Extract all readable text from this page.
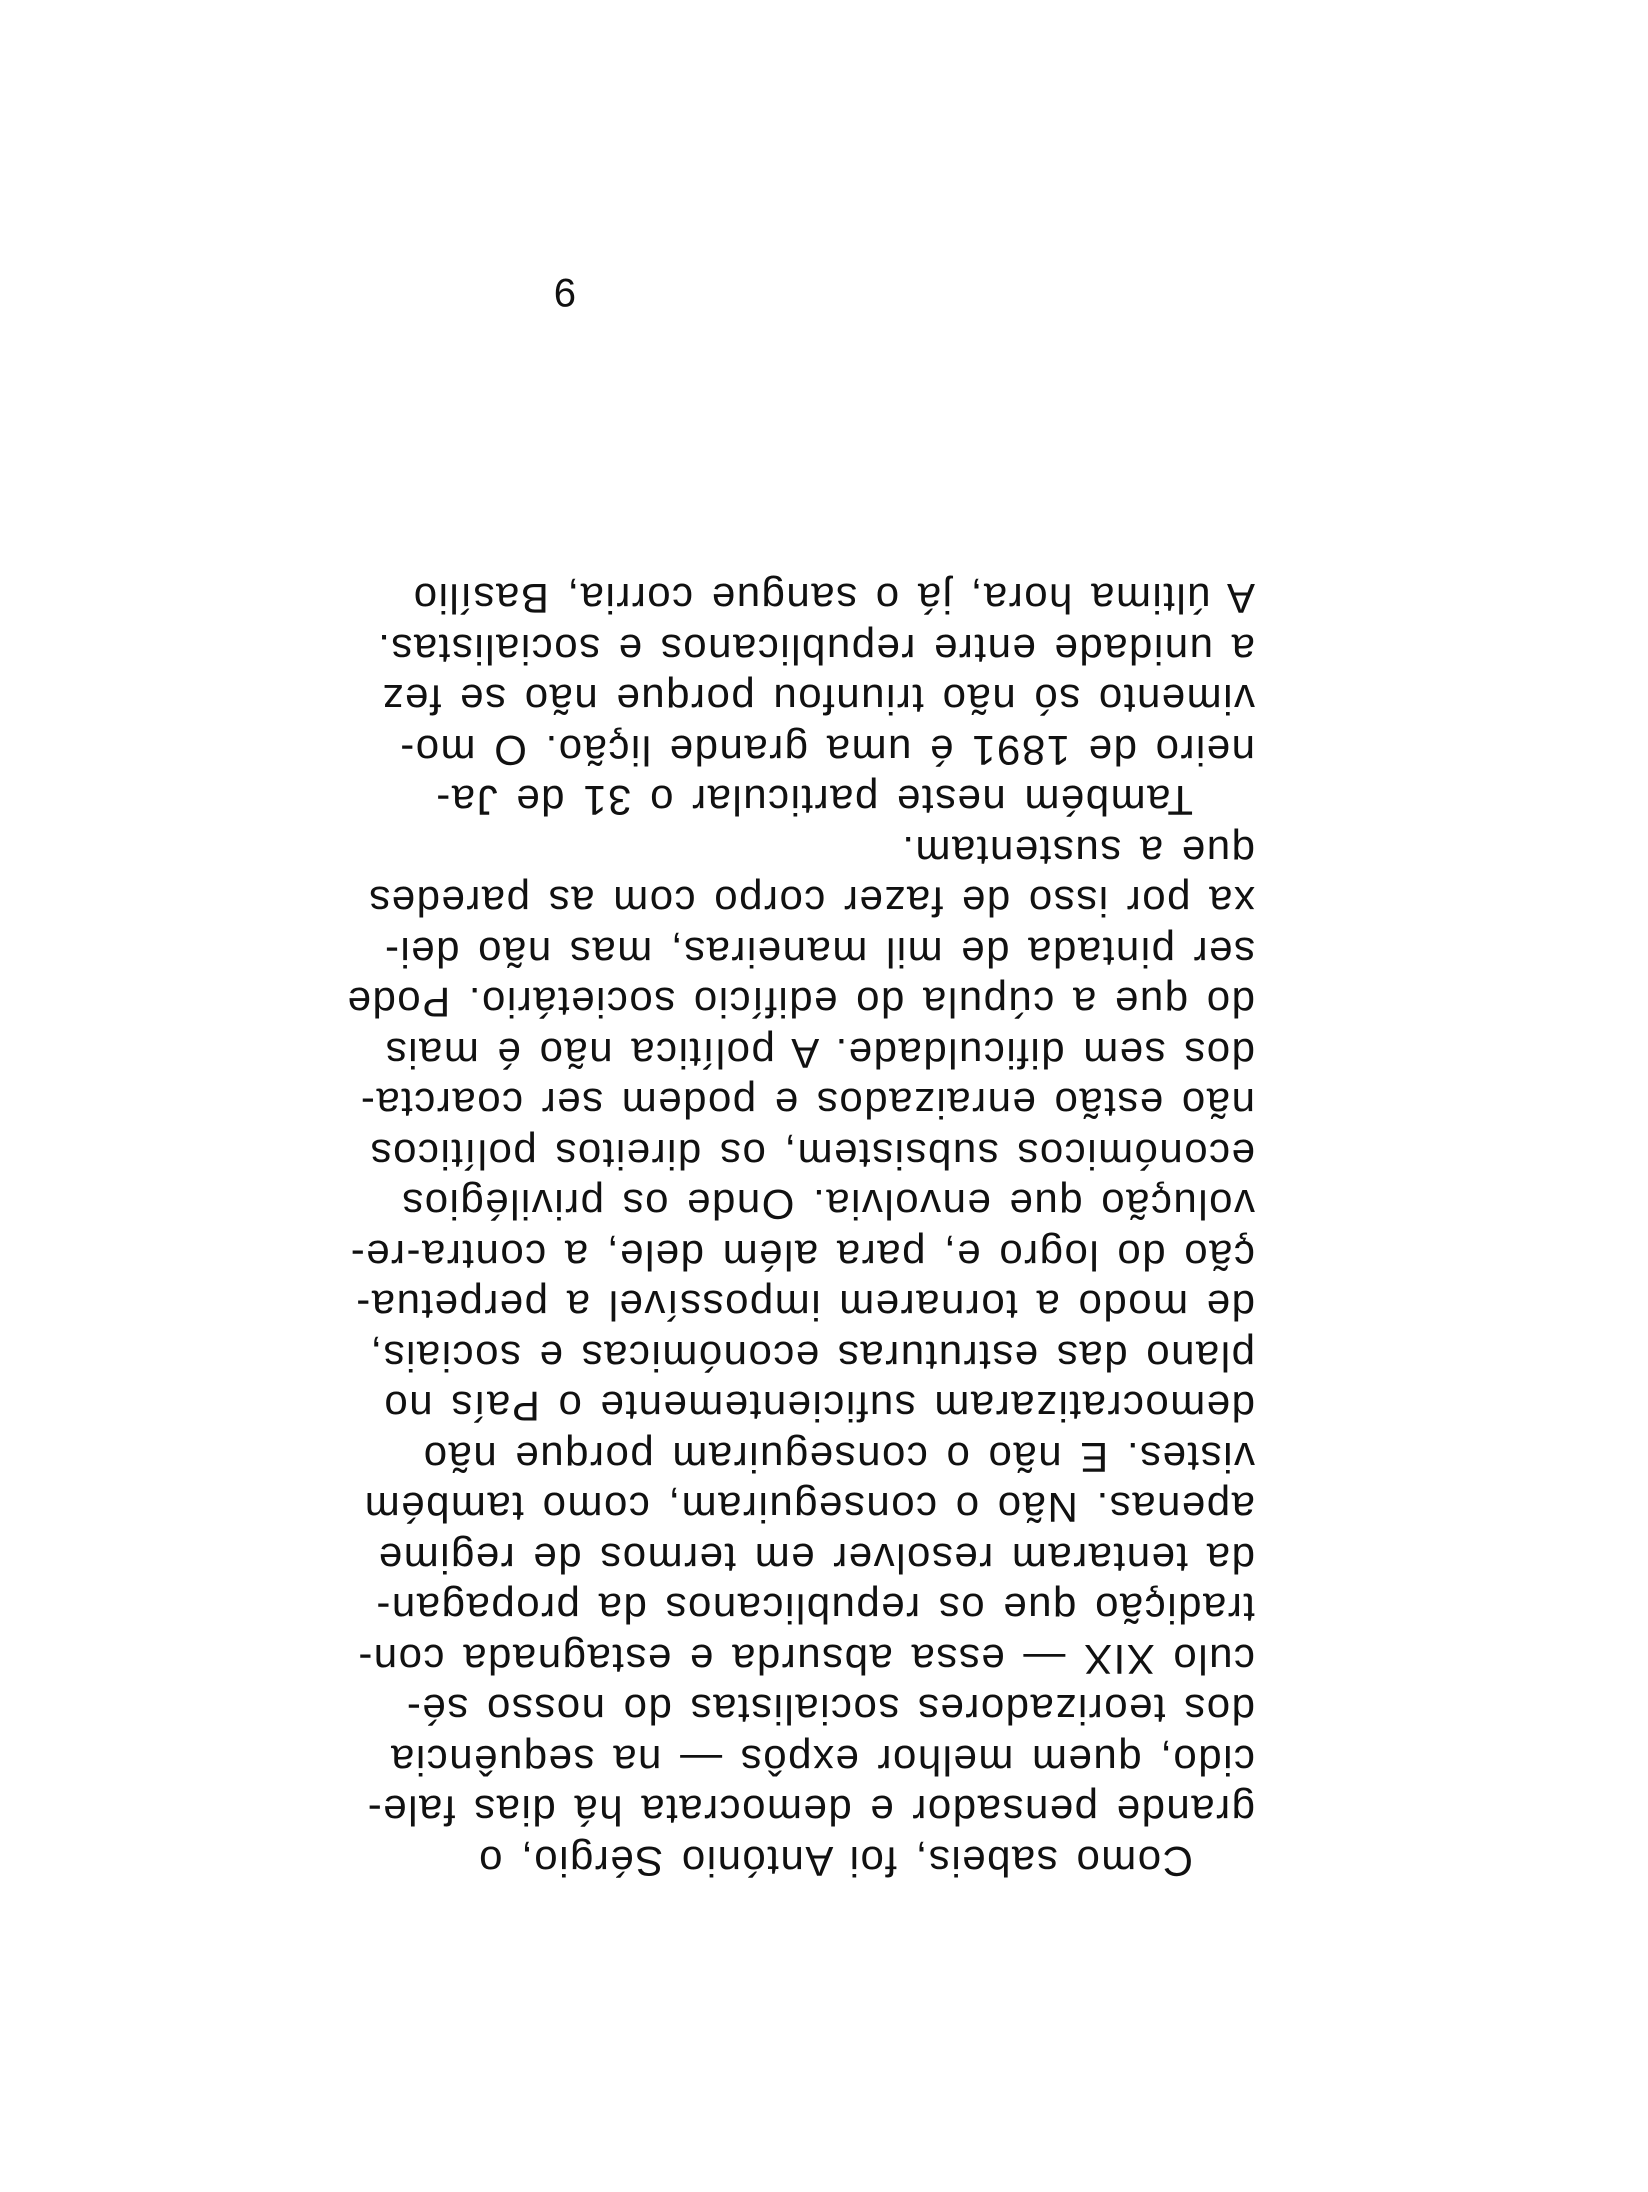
Como sabeis, foi António Sérgio, o
grande pensador e democrata há dias fale-
cido, quem melhor expôs — na sequência
dos teorizadores socialistas do nosso sé-
culo XIX — essa absurda e estagnada con-
tradição que os republicanos da propagan-
da tentaram resolver em termos de regime
apenas. Não o conseguiram, como também
vistes. E não o conseguiram porque não
democratizaram suficientemente o País no
plano das estruturas económicas e sociais,
de modo a tornarem impossível a perpetua-
ção do logro e, para além dele, a contra-re-
volução que envolvia. Onde os privilégios
económicos subsistem, os direitos políticos
não estão enraizados e podem ser coarcta-
dos sem dificuldade. A política não é mais
do que a cúpula do edifício societário. Pode
ser pintada de mil maneiras, mas não dei-
xa por isso de fazer corpo com as paredes
que a sustentam.
Também neste particular o 31 de Ja-
neiro de 1891 é uma grande lição. O mo-
vimento só não triunfou porque não se fez
a unidade entre republicanos e socialistas.
A última hora, já o sangue corria, Basílio
9
